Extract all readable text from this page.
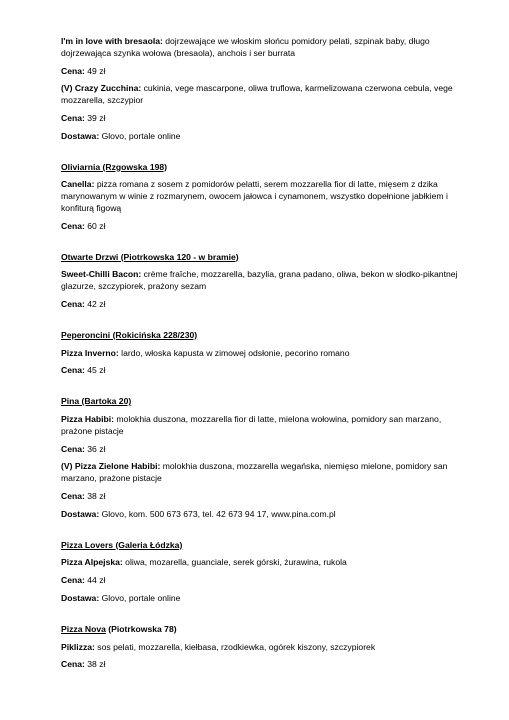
I'm in love with bresaola: dojrzewające we włoskim słońcu pomidory pelati, szpinak baby, długo dojrzewająca szynka wołowa (bresaola), anchois i ser burrata

Cena: 49 zł

(V) Crazy Zucchina: cukinia, vege mascarpone, oliwa truflowa, karmelizowana czerwona cebula, vege mozzarella, szczypior

Cena: 39 zł

Dostawa: Glovo, portale online

Oliviarnia (Rzgowska 198)

Canella: pizza romana z sosem z pomidorów pelatti, serem mozzarella fior di latte, mięsem z dzika marynowanym w winie z rozmarynem, owocem jałowca i cynamonem, wszystko dopełnione jabłkiem i konfiturą figową

Cena: 60 zł

Otwarte Drzwi (Piotrkowska 120 - w bramie)

Sweet-Chilli Bacon: crème fraîche, mozzarella, bazylia, grana padano, oliwa, bekon w słodko-pikantnej glazurze, szczypiorek, prażony sezam

Cena: 42 zł

Peperoncini (Rokicińska 228/230)

Pizza Inverno: lardo, włoska kapusta w zimowej odsłonie, pecorino romano

Cena: 45 zł

Pina (Bartoka 20)

Pizza Habibi: molokhia duszona, mozzarella fior di latte, mielona wołowina, pomidory san marzano, prażone pistacje

Cena: 36 zł

(V) Pizza Zielone Habibi: molokhia duszona, mozzarella wegańska, niemięso mielone, pomidory san marzano, prażone pistacje

Cena: 38 zł

Dostawa: Glovo, kom. 500 673 673, tel. 42 673 94 17, www.pina.com.pl

Pizza Lovers (Galeria Łódzka)

Pizza Alpejska: oliwa, mozarella, guanciale, serek górski, żurawina, rukola

Cena: 44 zł

Dostawa: Glovo, portale online

Pizza Nova (Piotrkowska 78)

Piklizza: sos pelati, mozzarella, kiełbasa, rzodkiewka, ogórek kiszony, szczypiorek

Cena: 38 zł
